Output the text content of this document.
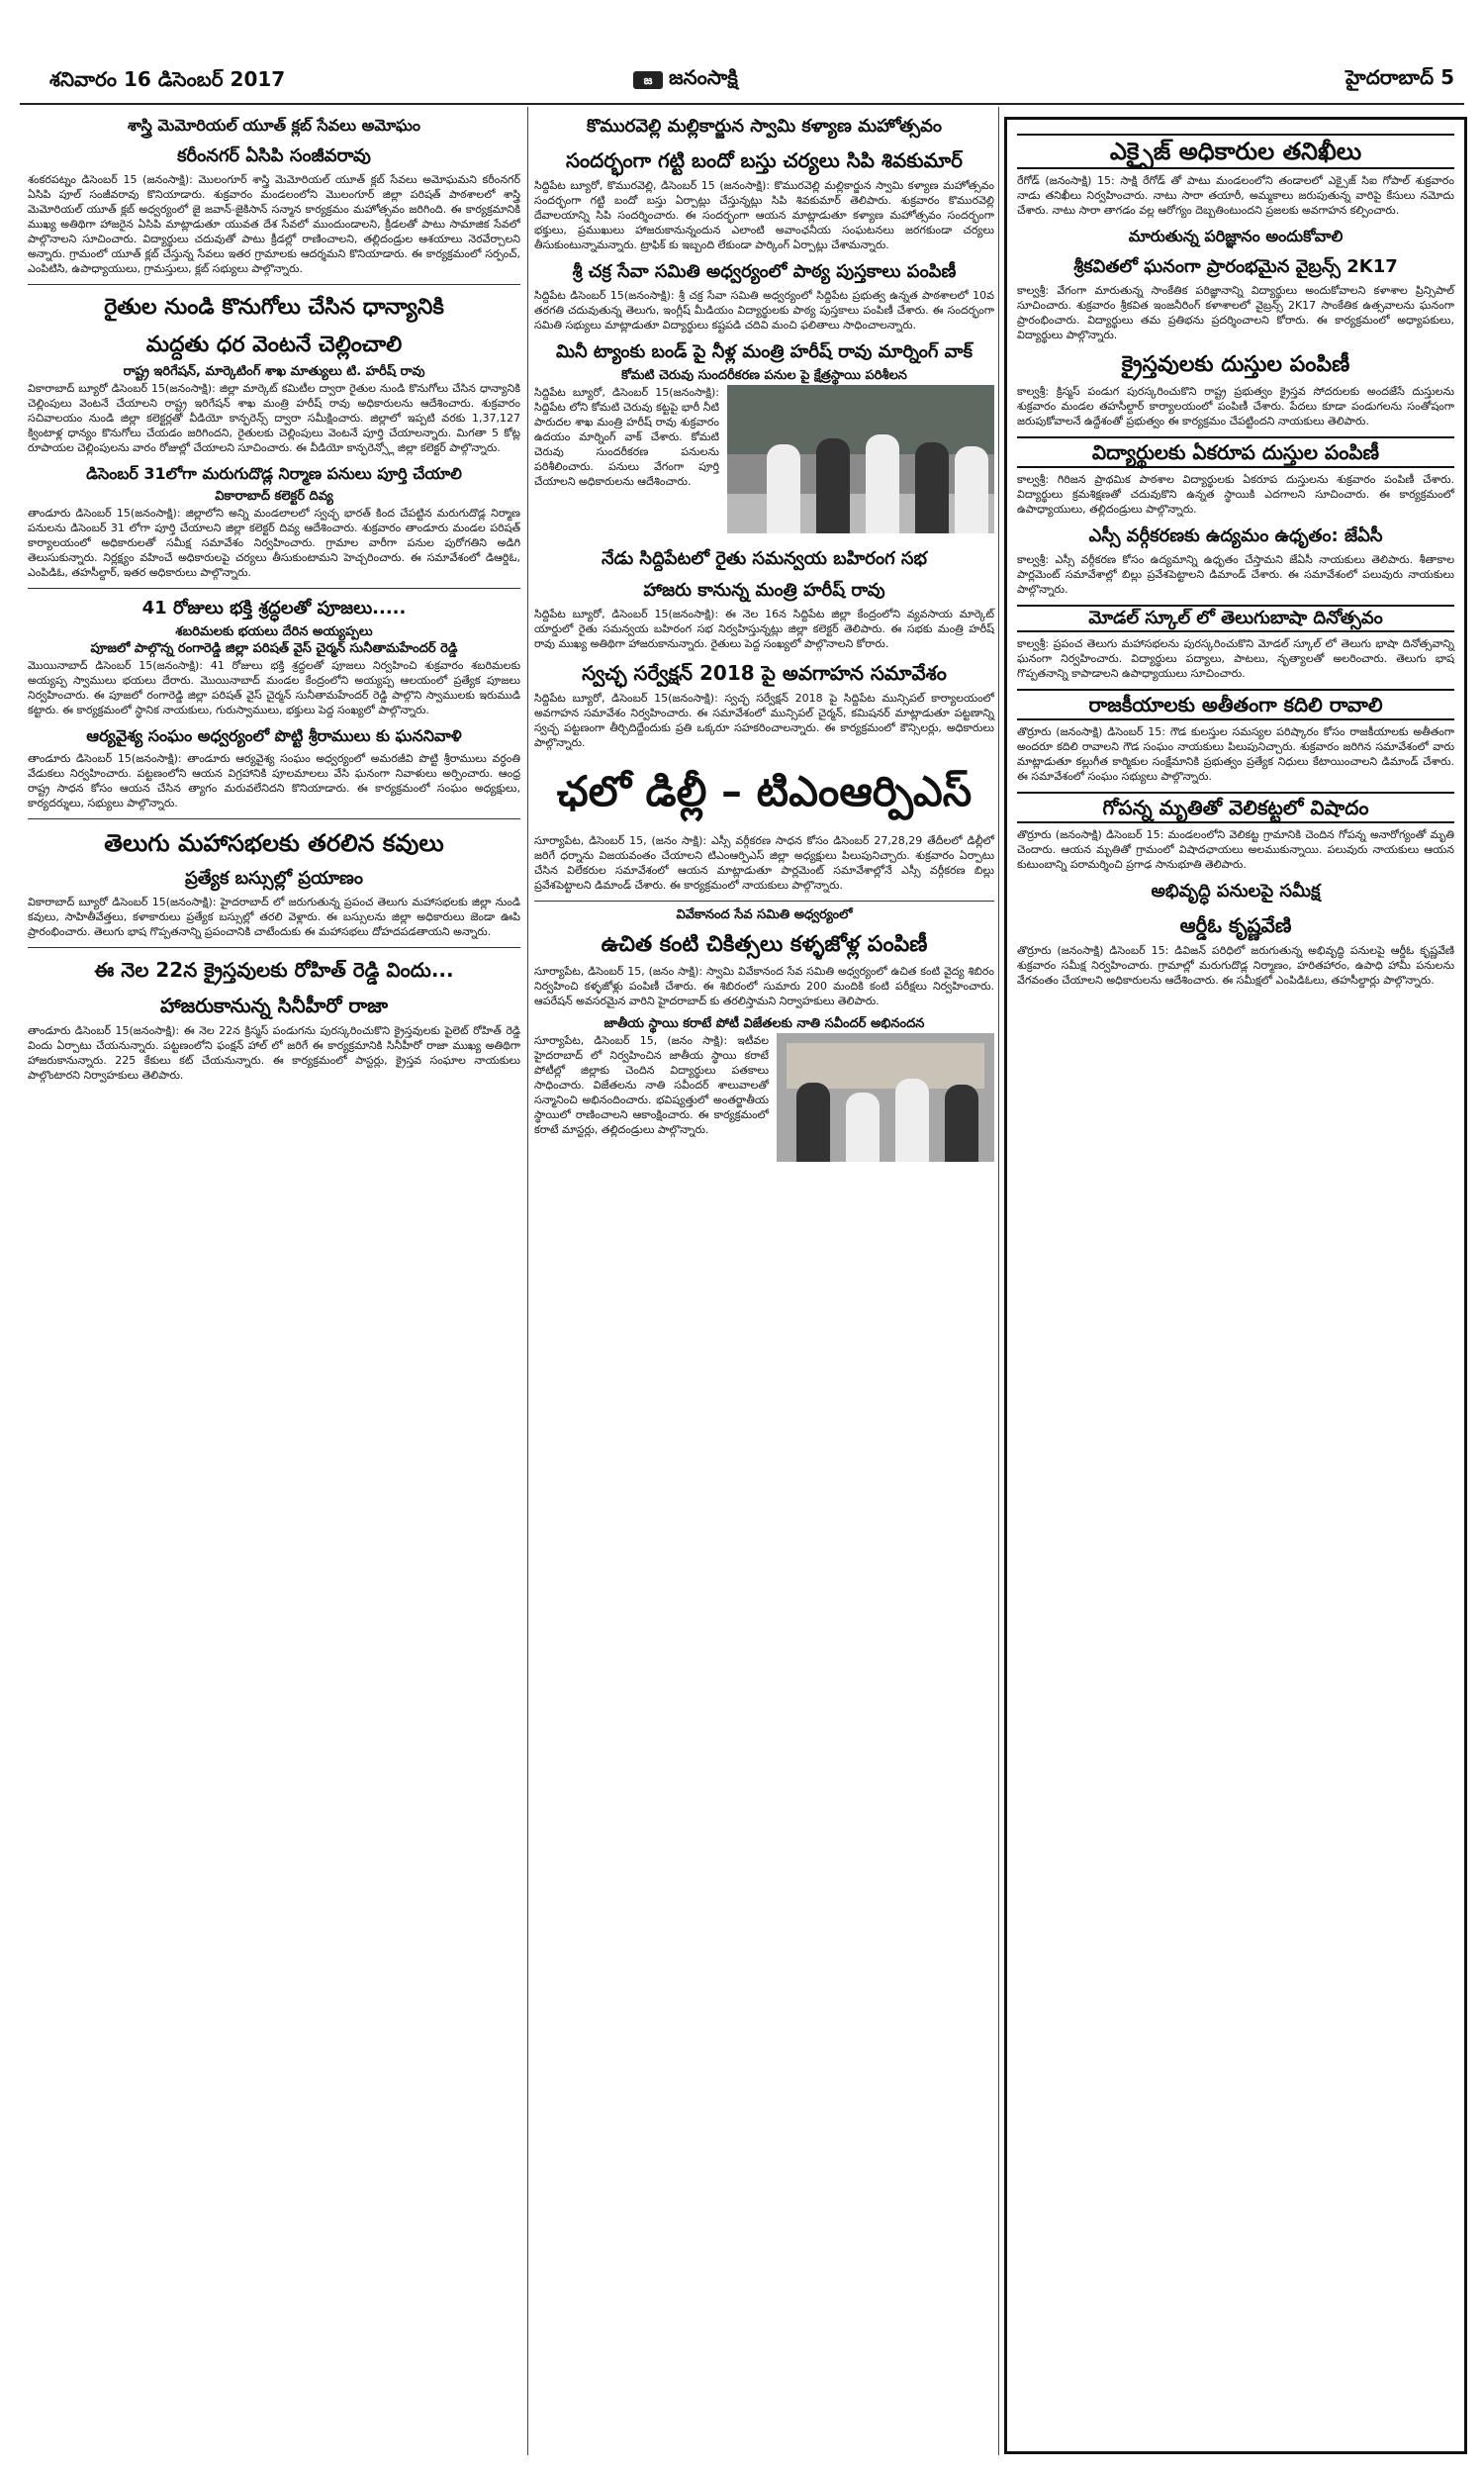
శనివారం 16 డిసెంబర్ 2017	జ జనంసాక్షి	హైదరాబాద్ 5
శాస్త్రి మెమోరియల్ యూత్ క్లబ్ సేవలు అమోఘం
కరీంనగర్ ఏసిపి సంజీవరావు

శంకరపట్నం డిసెంబర్ 15 (జనంసాక్షి): మొలంగూర్ శాస్త్రి మెమోరియల్ యూత్ క్లబ్ సేవలు అమోఘమని కరీంనగర్ ఏసిపి పూల్ సంజీవరావు కొనియాడారు. శుక్రవారం మండలంలోని మొలంగూర్ జిల్లా పరిషత్ పాఠశాలలో శాస్త్రి మెమోరియల్ యూత్ క్లబ్ అధ్వర్యంలో జై జవాన్-జైకిసాన్ సన్మాన కార్యక్రమం మహోత్సవం జరిగింది. ఈ కార్యక్రమానికి ముఖ్య అతిథిగా హాజరైన ఏసిపి మాట్లాడుతూ యువత దేశ సేవలో ముందుండాలని, క్రీడలతో పాటు సామాజిక సేవలో పాల్గొనాలని సూచించారు. విద్యార్థులు చదువుతో పాటు క్రీడల్లో రాణించాలని, తల్లిదండ్రుల ఆశయాలు నెరవేర్చాలని అన్నారు. గ్రామంలో యూత్ క్లబ్ చేస్తున్న సేవలు ఇతర గ్రామాలకు ఆదర్శమని కొనియాడారు. ఈ కార్యక్రమంలో సర్పంచ్, ఎంపిటిసి, ఉపాధ్యాయులు, గ్రామస్తులు, క్లబ్ సభ్యులు పాల్గొన్నారు.

రైతుల నుండి కొనుగోలు చేసిన ధాన్యానికి
మద్దతు ధర వెంటనే చెల్లించాలి
రాష్ట్ర ఇరిగేషన్, మార్కెటింగ్ శాఖ మాత్యులు టి. హరీష్ రావు

వికారాబాద్ బ్యూరో డిసెంబర్ 15(జనంసాక్షి): జిల్లా మార్కెట్ కమిటీల ద్వారా రైతుల నుండి కొనుగోలు చేసిన ధాన్యానికి చెల్లింపులు వెంటనే చేయాలని రాష్ట్ర ఇరిగేషన్ శాఖ మంత్రి హరీష్ రావు అధికారులను ఆదేశించారు. శుక్రవారం సచివాలయం నుండి జిల్లా కలెక్టర్లతో వీడియో కాన్ఫరెన్స్ ద్వారా సమీక్షించారు. జిల్లాలో ఇప్పటి వరకు 1,37,127 క్వింటాళ్ల ధాన్యం కొనుగోలు చేయడం జరిగిందని, రైతులకు చెల్లింపులు వెంటనే పూర్తి చేయాలన్నారు. మిగతా 5 కోట్ల రూపాయల చెల్లింపులను వారం రోజుల్లో చేయాలని సూచించారు. ఈ వీడియో కాన్ఫరెన్స్లో జిల్లా కలెక్టర్ పాల్గొన్నారు.

డిసెంబర్ 31లోగా మరుగుదొడ్ల నిర్మాణ పనులు పూర్తి చేయాలి
వికారాబాద్ కలెక్టర్ దివ్య

తాండూరు డిసెంబర్ 15(జనంసాక్షి): జిల్లాలోని అన్ని మండలాలలో స్వచ్ఛ భారత్ కింద చేపట్టిన మరుగుదొడ్ల నిర్మాణ పనులను డిసెంబర్ 31 లోగా పూర్తి చేయాలని జిల్లా కలెక్టర్ దివ్య ఆదేశించారు. శుక్రవారం తాండూరు మండల పరిషత్ కార్యాలయంలో అధికారులతో సమీక్ష సమావేశం నిర్వహించారు. గ్రామాల వారీగా పనుల పురోగతిని అడిగి తెలుసుకున్నారు. నిర్లక్ష్యం వహించే అధికారులపై చర్యలు తీసుకుంటామని హెచ్చరించారు. ఈ సమావేశంలో డిఆర్డిఓ, ఎంపిడిఓ, తహసీల్దార్, ఇతర అధికారులు పాల్గొన్నారు.

41 రోజులు భక్తి శ్రద్ధలతో పూజలు.....
శబరిమలకు భయలు దేరిన అయ్యప్పలు
పూజలో పాల్గొన్న రంగారెడ్డి జిల్లా పరిషత్ వైస్ చైర్మన్ సునీతామహేందర్ రెడ్డి

మొయినాబాద్ డిసెంబర్ 15(జనంసాక్షి): 41 రోజులు భక్తి శ్రద్ధలతో పూజలు నిర్వహించి శుక్రవారం శబరిమలకు అయ్యప్ప స్వాములు భయలు దేరారు. మొయినాబాద్ మండల కేంద్రంలోని అయ్యప్ప ఆలయంలో ప్రత్యేక పూజలు నిర్వహించారు. ఈ పూజలో రంగారెడ్డి జిల్లా పరిషత్ వైస్ చైర్మన్ సునీతామహేందర్ రెడ్డి పాల్గొని స్వాములకు ఇరుముడి కట్టారు. ఈ కార్యక్రమంలో స్థానిక నాయకులు, గురుస్వాములు, భక్తులు పెద్ద సంఖ్యలో పాల్గొన్నారు.

ఆర్యవైశ్య సంఘం అధ్వర్యంలో పొట్టి శ్రీరాములు కు ఘననివాళి

తాండూరు డిసెంబర్ 15(జనంసాక్షి): తాండూరు ఆర్యవైశ్య సంఘం అధ్వర్యంలో అమరజీవి పొట్టి శ్రీరాములు వర్ధంతి వేడుకలు నిర్వహించారు. పట్టణంలోని ఆయన విగ్రహానికి పూలమాలలు వేసి ఘనంగా నివాళులు అర్పించారు. ఆంధ్ర రాష్ట్ర సాధన కోసం ఆయన చేసిన త్యాగం మరువలేనిదని కొనియాడారు. ఈ కార్యక్రమంలో సంఘం అధ్యక్షులు, కార్యదర్శులు, సభ్యులు పాల్గొన్నారు.

తెలుగు మహాసభలకు తరలిన కవులు
ప్రత్యేక బస్సుల్లో ప్రయాణం

వికారాబాద్ బ్యూరో డిసెంబర్ 15(జనంసాక్షి): హైదరాబాద్ లో జరుగుతున్న ప్రపంచ తెలుగు మహాసభలకు జిల్లా నుండి కవులు, సాహితీవేత్తలు, కళాకారులు ప్రత్యేక బస్సుల్లో తరలి వెళ్లారు. ఈ బస్సులను జిల్లా అధికారులు జెండా ఊపి ప్రారంభించారు. తెలుగు భాష గొప్పతనాన్ని ప్రపంచానికి చాటేందుకు ఈ మహాసభలు దోహదపడతాయని అన్నారు.

ఈ నెల 22న క్రైస్తవులకు రోహిత్ రెడ్డి విందు...
హాజరుకానున్న సినీహీరో రాజా

తాండూరు డిసెంబర్ 15(జనంసాక్షి): ఈ నెల 22న క్రిస్మస్ పండుగను పురస్కరించుకొని క్రైస్తవులకు పైలెట్ రోహిత్ రెడ్డి విందు ఏర్పాటు చేయనున్నారు. పట్టణంలోని ఫంక్షన్ హాల్ లో జరిగే ఈ కార్యక్రమానికి సినీహీరో రాజా ముఖ్య అతిథిగా హాజరుకానున్నారు. 225 కేకులు కట్ చేయనున్నారు. ఈ కార్యక్రమంలో పాస్టర్లు, క్రైస్తవ సంఘాల నాయకులు పాల్గొంటారని నిర్వాహకులు తెలిపారు.

కొమురవెల్లి మల్లికార్జున స్వామి కళ్యాణ మహోత్సవం
సందర్భంగా గట్టి బందో బస్తు చర్యలు సిపి శివకుమార్

సిద్దిపేట బ్యూరో, కొమురవెల్లి, డిసెంబర్ 15 (జనంసాక్షి): కొమురవెల్లి మల్లికార్జున స్వామి కళ్యాణ మహోత్సవం సందర్భంగా గట్టి బందో బస్తు ఏర్పాట్లు చేస్తున్నట్లు సిపి శివకుమార్ తెలిపారు. శుక్రవారం కొమురవెల్లి దేవాలయాన్ని సిపి సందర్శించారు. ఈ సందర్భంగా ఆయన మాట్లాడుతూ కళ్యాణ మహోత్సవం సందర్భంగా భక్తులు, ప్రముఖులు హాజరుకానున్నందున ఎలాంటి అవాంఛనీయ సంఘటనలు జరగకుండా చర్యలు తీసుకుంటున్నామన్నారు. ట్రాఫిక్ కు ఇబ్బంది లేకుండా పార్కింగ్ ఏర్పాట్లు చేశామన్నారు.

శ్రీ చక్ర సేవా సమితి అధ్వర్యంలో పాఠ్య పుస్తకాలు పంపిణీ

సిద్దిపేట డిసెంబర్ 15(జనంసాక్షి): శ్రీ చక్ర సేవా సమితి అధ్వర్యంలో సిద్దిపేట ప్రభుత్వ ఉన్నత పాఠశాలలో 10వ తరగతి చదువుతున్న తెలుగు, ఇంగ్లీష్ మీడియం విద్యార్థులకు పాఠ్య పుస్తకాలు పంపిణీ చేశారు. ఈ సందర్భంగా సమితి సభ్యులు మాట్లాడుతూ విద్యార్థులు కష్టపడి చదివి మంచి ఫలితాలు సాధించాలన్నారు.

మినీ ట్యాంకు బండ్ పై నీళ్ల మంత్రి హరీష్ రావు మార్నింగ్ వాక్
కోమటి చెరువు సుందరీకరణ పనుల పై క్షేత్రస్థాయి పరిశీలన

సిద్దిపేట బ్యూరో, డిసెంబర్ 15(జనంసాక్షి): సిద్దిపేట లోని కోమటి చెరువు కట్టపై భారీ నీటి పారుదల శాఖ మంత్రి హరీష్ రావు శుక్రవారం ఉదయం మార్నింగ్ వాక్ చేశారు. కోమటి చెరువు సుందరీకరణ పనులను పరిశీలించారు. పనులు వేగంగా పూర్తి చేయాలని అధికారులను ఆదేశించారు.

నేడు సిద్దిపేటలో రైతు సమన్వయ బహిరంగ సభ
హాజరు కానున్న మంత్రి హరీష్ రావు

సిద్దిపేట బ్యూరో, డిసెంబర్ 15(జనంసాక్షి): ఈ నెల 16న సిద్దిపేట జిల్లా కేంద్రంలోని వ్యవసాయ మార్కెట్ యార్డులో రైతు సమన్వయ బహిరంగ సభ నిర్వహిస్తున్నట్లు జిల్లా కలెక్టర్ తెలిపారు. ఈ సభకు మంత్రి హరీష్ రావు ముఖ్య అతిథిగా హాజరుకానున్నారు. రైతులు పెద్ద సంఖ్యలో పాల్గొనాలని కోరారు.

స్వచ్ఛ సర్వేక్షన్ 2018 పై అవగాహన సమావేశం

సిద్దిపేట బ్యూరో, డిసెంబర్ 15(జనంసాక్షి): స్వచ్ఛ సర్వేక్షన్ 2018 పై సిద్దిపేట మున్సిపల్ కార్యాలయంలో అవగాహన సమావేశం నిర్వహించారు. ఈ సమావేశంలో మున్సిపల్ చైర్మన్, కమిషనర్ మాట్లాడుతూ పట్టణాన్ని స్వచ్ఛ పట్టణంగా తీర్చిదిద్దేందుకు ప్రతి ఒక్కరూ సహకరించాలన్నారు. ఈ కార్యక్రమంలో కౌన్సిలర్లు, అధికారులు పాల్గొన్నారు.

ఛలో డిల్లీ – టిఎంఆర్పిఎస్

సూర్యాపేట, డిసెంబర్ 15, (జనం సాక్షి): ఎస్సీ వర్గీకరణ సాధన కోసం డిసెంబర్ 27,28,29 తేదీలలో డిల్లీలో జరిగే ధర్నాను విజయవంతం చేయాలని టిఎంఆర్పిఎస్ జిల్లా అధ్యక్షులు పిలుపునిచ్చారు. శుక్రవారం ఏర్పాటు చేసిన విలేకరుల సమావేశంలో ఆయన మాట్లాడుతూ పార్లమెంట్ సమావేశాల్లోనే ఎస్సీ వర్గీకరణ బిల్లు ప్రవేశపెట్టాలని డిమాండ్ చేశారు. ఈ కార్యక్రమంలో నాయకులు పాల్గొన్నారు.

వివేకానంద సేవ సమితి అధ్వర్యంలో
ఉచిత కంటి చికిత్సలు కళ్ళజోళ్ల పంపిణీ

సూర్యాపేట, డిసెంబర్ 15, (జనం సాక్షి): స్వామి వివేకానంద సేవ సమితి అధ్వర్యంలో ఉచిత కంటి వైద్య శిబిరం నిర్వహించి కళ్ళజోళ్లు పంపిణీ చేశారు. ఈ శిబిరంలో సుమారు 200 మందికి కంటి పరీక్షలు నిర్వహించారు. ఆపరేషన్ అవసరమైన వారిని హైదరాబాద్ కు తరలిస్తామని నిర్వాహకులు తెలిపారు.

జాతీయ స్థాయి కరాటే పోటీ విజేతలకు నాతి సవీందర్ అభినందన

సూర్యాపేట, డిసెంబర్ 15, (జనం సాక్షి): ఇటీవల హైదరాబాద్ లో నిర్వహించిన జాతీయ స్థాయి కరాటే పోటీల్లో జిల్లాకు చెందిన విద్యార్థులు పతకాలు సాధించారు. విజేతలను నాతి సవీందర్ శాలువాలతో సన్మానించి అభినందించారు. భవిష్యత్తులో అంతర్జాతీయ స్థాయిలో రాణించాలని ఆకాంక్షించారు. ఈ కార్యక్రమంలో కరాటే మాస్టర్లు, తల్లిదండ్రులు పాల్గొన్నారు.

ఎక్సైజ్ అధికారుల తనిఖీలు

రేగోడ్ (జనంసాక్షి) 15: సాక్షి రేగోడ్ తో పాటు మండలంలోని తండాలలో ఎక్సైజ్ సిఐ గోపాల్ శుక్రవారం నాడు తనిఖీలు నిర్వహించారు. నాటు సారా తయారీ, అమ్మకాలు జరుపుతున్న వారిపై కేసులు నమోదు చేశారు. నాటు సారా తాగడం వల్ల ఆరోగ్యం దెబ్బతింటుందని ప్రజలకు అవగాహన కల్పించారు.

మారుతున్న పరిజ్ఞానం అందుకోవాలి
శ్రీకవితలో ఘనంగా ప్రారంభమైన వైబ్రన్స్ 2K17

కాల్వశ్రీ: వేగంగా మారుతున్న సాంకేతిక పరిజ్ఞానాన్ని విద్యార్థులు అందుకోవాలని కళాశాల ప్రిన్సిపాల్ సూచించారు. శుక్రవారం శ్రీకవిత ఇంజనీరింగ్ కళాశాలలో వైబ్రన్స్ 2K17 సాంకేతిక ఉత్సవాలను ఘనంగా ప్రారంభించారు. విద్యార్థులు తమ ప్రతిభను ప్రదర్శించాలని కోరారు. ఈ కార్యక్రమంలో అధ్యాపకులు, విద్యార్థులు పాల్గొన్నారు.

క్రైస్తవులకు దుస్తుల పంపిణీ

కాల్వశ్రీ: క్రిస్మస్ పండుగ పురస్కరించుకొని రాష్ట్ర ప్రభుత్వం క్రైస్తవ సోదరులకు అందజేసే దుస్తులను శుక్రవారం మండల తహసీల్దార్ కార్యాలయంలో పంపిణీ చేశారు. పేదలు కూడా పండుగలను సంతోషంగా జరుపుకోవాలనే ఉద్దేశంతో ప్రభుత్వం ఈ కార్యక్రమం చేపట్టిందని నాయకులు తెలిపారు.

విద్యార్థులకు ఏకరూప దుస్తుల పంపిణీ

కాల్వశ్రీ: గిరిజన ప్రాథమిక పాఠశాల విద్యార్థులకు ఏకరూప దుస్తులను శుక్రవారం పంపిణీ చేశారు. విద్యార్థులు క్రమశిక్షణతో చదువుకొని ఉన్నత స్థాయికి ఎదగాలని సూచించారు. ఈ కార్యక్రమంలో ఉపాధ్యాయులు, తల్లిదండ్రులు పాల్గొన్నారు.

ఎస్సీ వర్గీకరణకు ఉద్యమం ఉధృతం: జేఏసీ

కాల్వశ్రీ: ఎస్సీ వర్గీకరణ కోసం ఉద్యమాన్ని ఉధృతం చేస్తామని జేఏసీ నాయకులు తెలిపారు. శీతాకాల పార్లమెంట్ సమావేశాల్లో బిల్లు ప్రవేశపెట్టాలని డిమాండ్ చేశారు. ఈ సమావేశంలో పలువురు నాయకులు పాల్గొన్నారు.

మోడల్ స్కూల్ లో తెలుగుబాషా దినోత్సవం

కాల్వశ్రీ: ప్రపంచ తెలుగు మహాసభలను పురస్కరించుకొని మోడల్ స్కూల్ లో తెలుగు భాషా దినోత్సవాన్ని ఘనంగా నిర్వహించారు. విద్యార్థులు పద్యాలు, పాటలు, నృత్యాలతో అలరించారు. తెలుగు భాష గొప్పతనాన్ని కాపాడాలని ఉపాధ్యాయులు సూచించారు.

రాజకీయాలకు అతీతంగా కదిలి రావాలి

తొర్రూరు (జనంసాక్షి) డిసెంబర్ 15: గౌడ కులస్తుల సమస్యల పరిష్కారం కోసం రాజకీయాలకు అతీతంగా అందరూ కదిలి రావాలని గౌడ సంఘం నాయకులు పిలుపునిచ్చారు. శుక్రవారం జరిగిన సమావేశంలో వారు మాట్లాడుతూ కల్లుగీత కార్మికుల సంక్షేమానికి ప్రభుత్వం ప్రత్యేక నిధులు కేటాయించాలని డిమాండ్ చేశారు. ఈ సమావేశంలో సంఘం సభ్యులు పాల్గొన్నారు.

గోపన్న మృతితో వెలికట్టలో విషాదం

తొర్రూరు (జనంసాక్షి) డిసెంబర్ 15: మండలంలోని వెలికట్ట గ్రామానికి చెందిన గోపన్న అనారోగ్యంతో మృతి చెందారు. ఆయన మృతితో గ్రామంలో విషాదఛాయలు అలముకున్నాయి. పలువురు నాయకులు ఆయన కుటుంబాన్ని పరామర్శించి ప్రగాఢ సానుభూతి తెలిపారు.

అభివృద్ధి పనులపై సమీక్ష
ఆర్డీఓ కృష్ణవేణి

తొర్రూరు (జనంసాక్షి) డిసెంబర్ 15: డివిజన్ పరిధిలో జరుగుతున్న అభివృద్ధి పనులపై ఆర్డీఓ కృష్ణవేణి శుక్రవారం సమీక్ష నిర్వహించారు. గ్రామాల్లో మరుగుదొడ్ల నిర్మాణం, హరితహారం, ఉపాధి హామీ పనులను వేగవంతం చేయాలని అధికారులను ఆదేశించారు. ఈ సమీక్షలో ఎంపిడిఓలు, తహసీల్దార్లు పాల్గొన్నారు.
